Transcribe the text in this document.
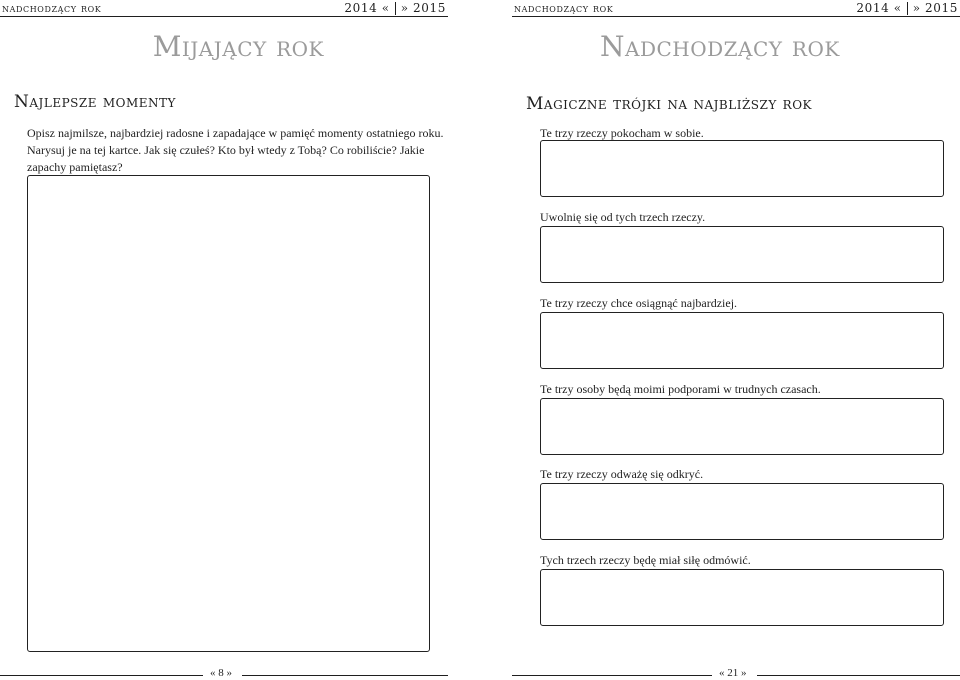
nadchodzący rok	2014 « » 2015
Mijający rok
Najlepsze momenty
Opisz najmilsze, najbardziej radosne i zapadające w pamięć momenty ostatniego roku. Narysuj je na tej kartce. Jak się czułeś? Kto był wtedy z Tobą? Co robiliście? Jakie zapachy pamiętasz?
« 8 »
nadchodzący rok	2014 « » 2015
Nadchodzący rok
Magiczne trójki na najbliższy rok
Te trzy rzeczy pokocham w sobie.
Uwolnię się od tych trzech rzeczy.
Te trzy rzeczy chce osiągnąć najbardziej.
Te trzy osoby będą moimi podporami w trudnych czasach.
Te trzy rzeczy odważę się odkryć.
Tych trzech rzeczy będę miał siłę odmówić.
« 21 »
